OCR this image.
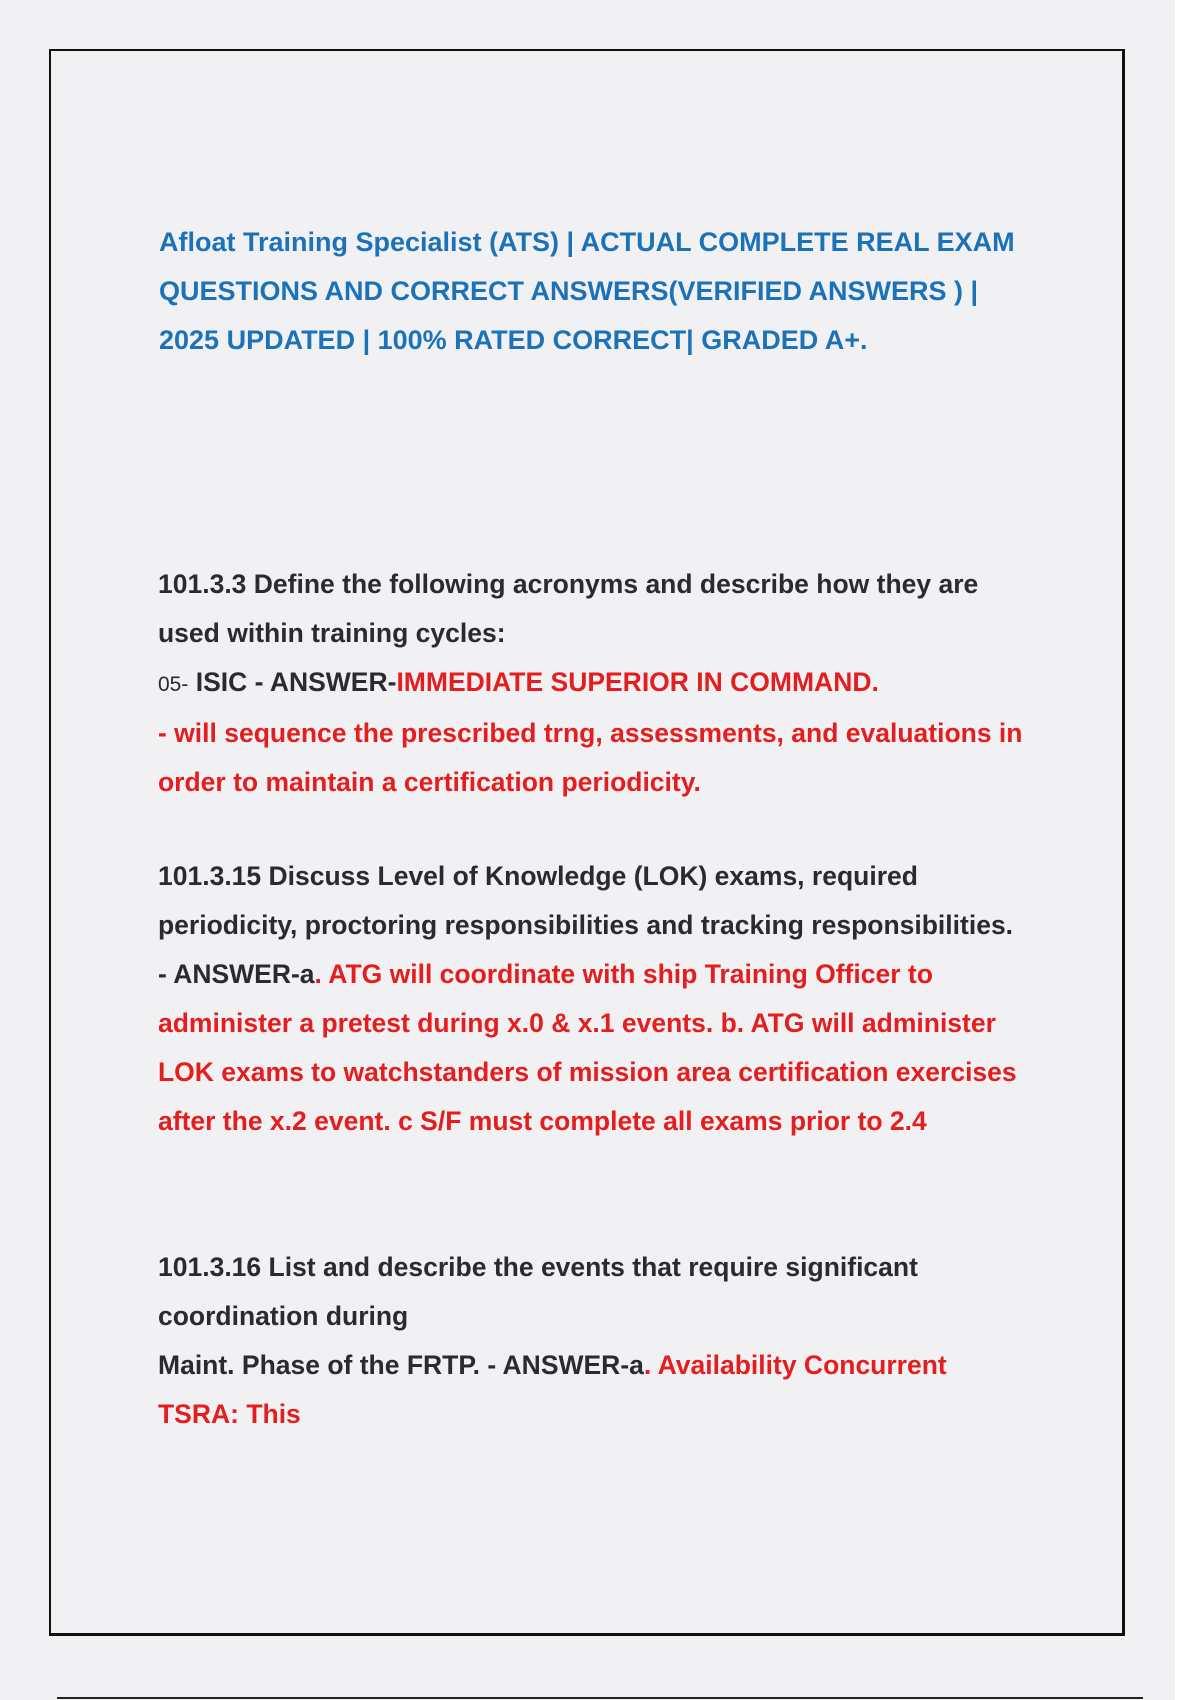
Afloat Training Specialist (ATS) | ACTUAL COMPLETE REAL EXAM QUESTIONS AND CORRECT ANSWERS(VERIFIED ANSWERS ) | 2025 UPDATED | 100% RATED CORRECT| GRADED A+.

101.3.3 Define the following acronyms and describe how they are used within training cycles:
05- ISIC - ANSWER-IMMEDIATE SUPERIOR IN COMMAND.
- will sequence the prescribed trng, assessments, and evaluations in order to maintain a certification periodicity.

101.3.15 Discuss Level of Knowledge (LOK) exams, required periodicity, proctoring responsibilities and tracking responsibilities. - ANSWER-a. ATG will coordinate with ship Training Officer to administer a pretest during x.0 & x.1 events. b. ATG will administer LOK exams to watchstanders of mission area certification exercises after the x.2 event. c S/F must complete all exams prior to 2.4

101.3.16 List and describe the events that require significant coordination during
Maint. Phase of the FRTP. - ANSWER-a. Availability Concurrent TSRA: This
